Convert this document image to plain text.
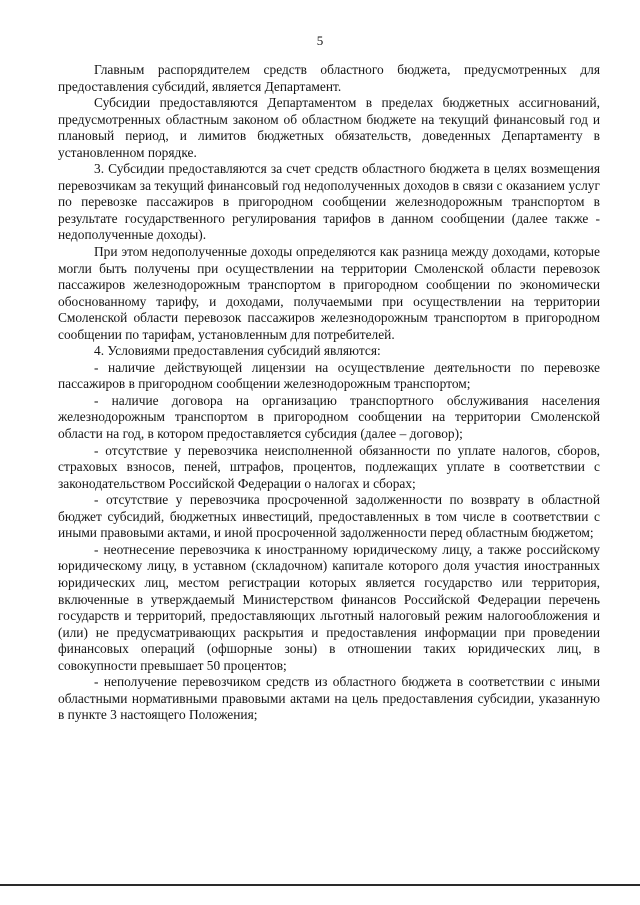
5

Главным распорядителем средств областного бюджета, предусмотренных для предоставления субсидий, является Департамент.

Субсидии предоставляются Департаментом в пределах бюджетных ассигнований, предусмотренных областным законом об областном бюджете на текущий финансовый год и плановый период, и лимитов бюджетных обязательств, доведенных Департаменту в установленном порядке.

3. Субсидии предоставляются за счет средств областного бюджета в целях возмещения перевозчикам за текущий финансовый год недополученных доходов в связи с оказанием услуг по перевозке пассажиров в пригородном сообщении железнодорожным транспортом в результате государственного регулирования тарифов в данном сообщении (далее также - недополученные доходы).

При этом недополученные доходы определяются как разница между доходами, которые могли быть получены при осуществлении на территории Смоленской области перевозок пассажиров железнодорожным транспортом в пригородном сообщении по экономически обоснованному тарифу, и доходами, получаемыми при осуществлении на территории Смоленской области перевозок пассажиров железнодорожным транспортом в пригородном сообщении по тарифам, установленным для потребителей.

4. Условиями предоставления субсидий являются:

- наличие действующей лицензии на осуществление деятельности по перевозке пассажиров в пригородном сообщении железнодорожным транспортом;

- наличие договора на организацию транспортного обслуживания населения железнодорожным транспортом в пригородном сообщении на территории Смоленской области на год, в котором предоставляется субсидия (далее – договор);

- отсутствие у перевозчика неисполненной обязанности по уплате налогов, сборов, страховых взносов, пеней, штрафов, процентов, подлежащих уплате в соответствии с законодательством Российской Федерации о налогах и сборах;

- отсутствие у перевозчика просроченной задолженности по возврату в областной бюджет субсидий, бюджетных инвестиций, предоставленных в том числе в соответствии с иными правовыми актами, и иной просроченной задолженности перед областным бюджетом;

- неотнесение перевозчика к иностранному юридическому лицу, а также российскому юридическому лицу, в уставном (складочном) капитале которого доля участия иностранных юридических лиц, местом регистрации которых является государство или территория, включенные в утверждаемый Министерством финансов Российской Федерации перечень государств и территорий, предоставляющих льготный налоговый режим налогообложения и (или) не предусматривающих раскрытия и предоставления информации при проведении финансовых операций (офшорные зоны) в отношении таких юридических лиц, в совокупности превышает 50 процентов;

- неполучение перевозчиком средств из областного бюджета в соответствии с иными областными нормативными правовыми актами на цель предоставления субсидии, указанную в пункте 3 настоящего Положения;
